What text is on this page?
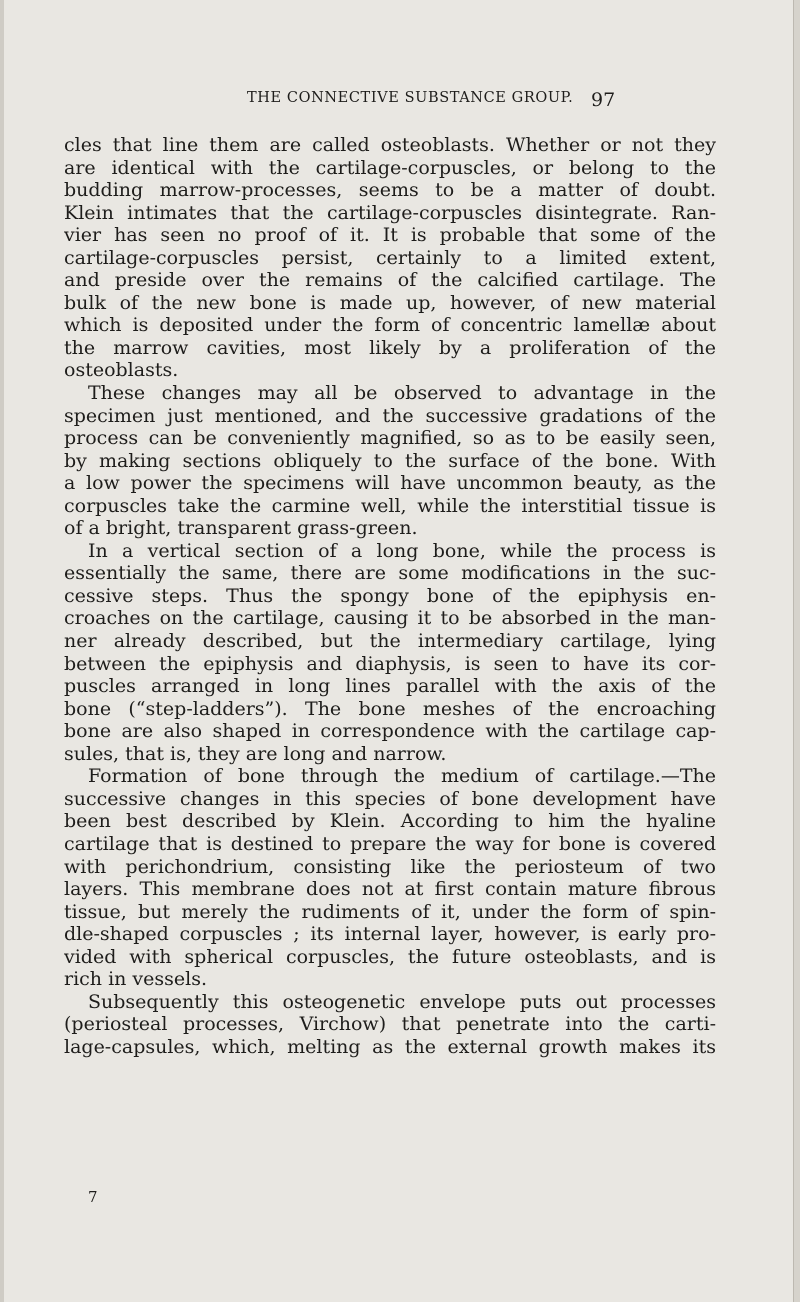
THE CONNECTIVE SUBSTANCE GROUP. 97
cles that line them are called osteoblasts. Whether or not they
are identical with the cartilage-corpuscles, or belong to the
budding marrow-processes, seems to be a matter of doubt.
Klein intimates that the cartilage-corpuscles disintegrate. Ran-
vier has seen no proof of it. It is probable that some of the
cartilage-corpuscles persist, certainly to a limited extent,
and preside over the remains of the calcified cartilage. The
bulk of the new bone is made up, however, of new material
which is deposited under the form of concentric lamellæ about
the marrow cavities, most likely by a proliferation of the
osteoblasts.
These changes may all be observed to advantage in the
specimen just mentioned, and the successive gradations of the
process can be conveniently magnified, so as to be easily seen,
by making sections obliquely to the surface of the bone. With
a low power the specimens will have uncommon beauty, as the
corpuscles take the carmine well, while the interstitial tissue is
of a bright, transparent grass-green.
In a vertical section of a long bone, while the process is
essentially the same, there are some modifications in the suc-
cessive steps. Thus the spongy bone of the epiphysis en-
croaches on the cartilage, causing it to be absorbed in the man-
ner already described, but the intermediary cartilage, lying
between the epiphysis and diaphysis, is seen to have its cor-
puscles arranged in long lines parallel with the axis of the
bone (“step-ladders”). The bone meshes of the encroaching
bone are also shaped in correspondence with the cartilage cap-
sules, that is, they are long and narrow.
Formation of bone through the medium of cartilage.—The
successive changes in this species of bone development have
been best described by Klein. According to him the hyaline
cartilage that is destined to prepare the way for bone is covered
with perichondrium, consisting like the periosteum of two
layers. This membrane does not at first contain mature fibrous
tissue, but merely the rudiments of it, under the form of spin-
dle-shaped corpuscles ; its internal layer, however, is early pro-
vided with spherical corpuscles, the future osteoblasts, and is
rich in vessels.
Subsequently this osteogenetic envelope puts out processes
(periosteal processes, Virchow) that penetrate into the carti-
lage-capsules, which, melting as the external growth makes its
7
